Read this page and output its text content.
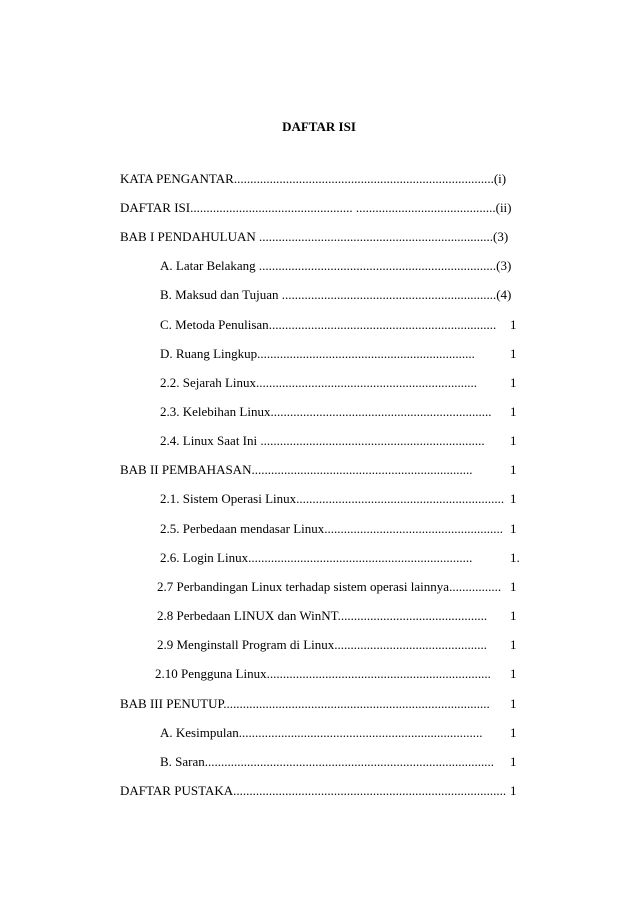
DAFTAR ISI
KATA PENGANTAR................................................................................(i)
DAFTAR ISI.................................................. ...........................................(ii)
BAB I PENDAHULUAN ........................................................................(3)
A. Latar Belakang .........................................................................(3)
B. Maksud dan Tujuan ..................................................................(4)
C. Metoda Penulisan...................................................................... 1
D. Ruang Lingkup...................................................................	1
2.2. Sejarah Linux....................................................................	1
2.3. Kelebihan Linux.................................................................... 1
2.4. Linux Saat Ini ..................................................................... 1
BAB II PEMBAHASAN....................................................................	1
2.1. Sistem Operasi Linux................................................................ 1
2.5. Perbedaan mendasar Linux....................................................... 1
2.6. Login Linux.....................................................................	1.
2.7 Perbandingan Linux terhadap sistem operasi lainnya................ 1
2.8 Perbedaan LINUX dan WinNT.............................................. 1
2.9 Menginstall Program di Linux............................................... 1
2.10 Pengguna Linux..................................................................... 1
BAB III PENUTUP.................................................................................. 1
A. Kesimpulan........................................................................... 1
B. Saran......................................................................................... 1
DAFTAR PUSTAKA.................................................................................... 1
